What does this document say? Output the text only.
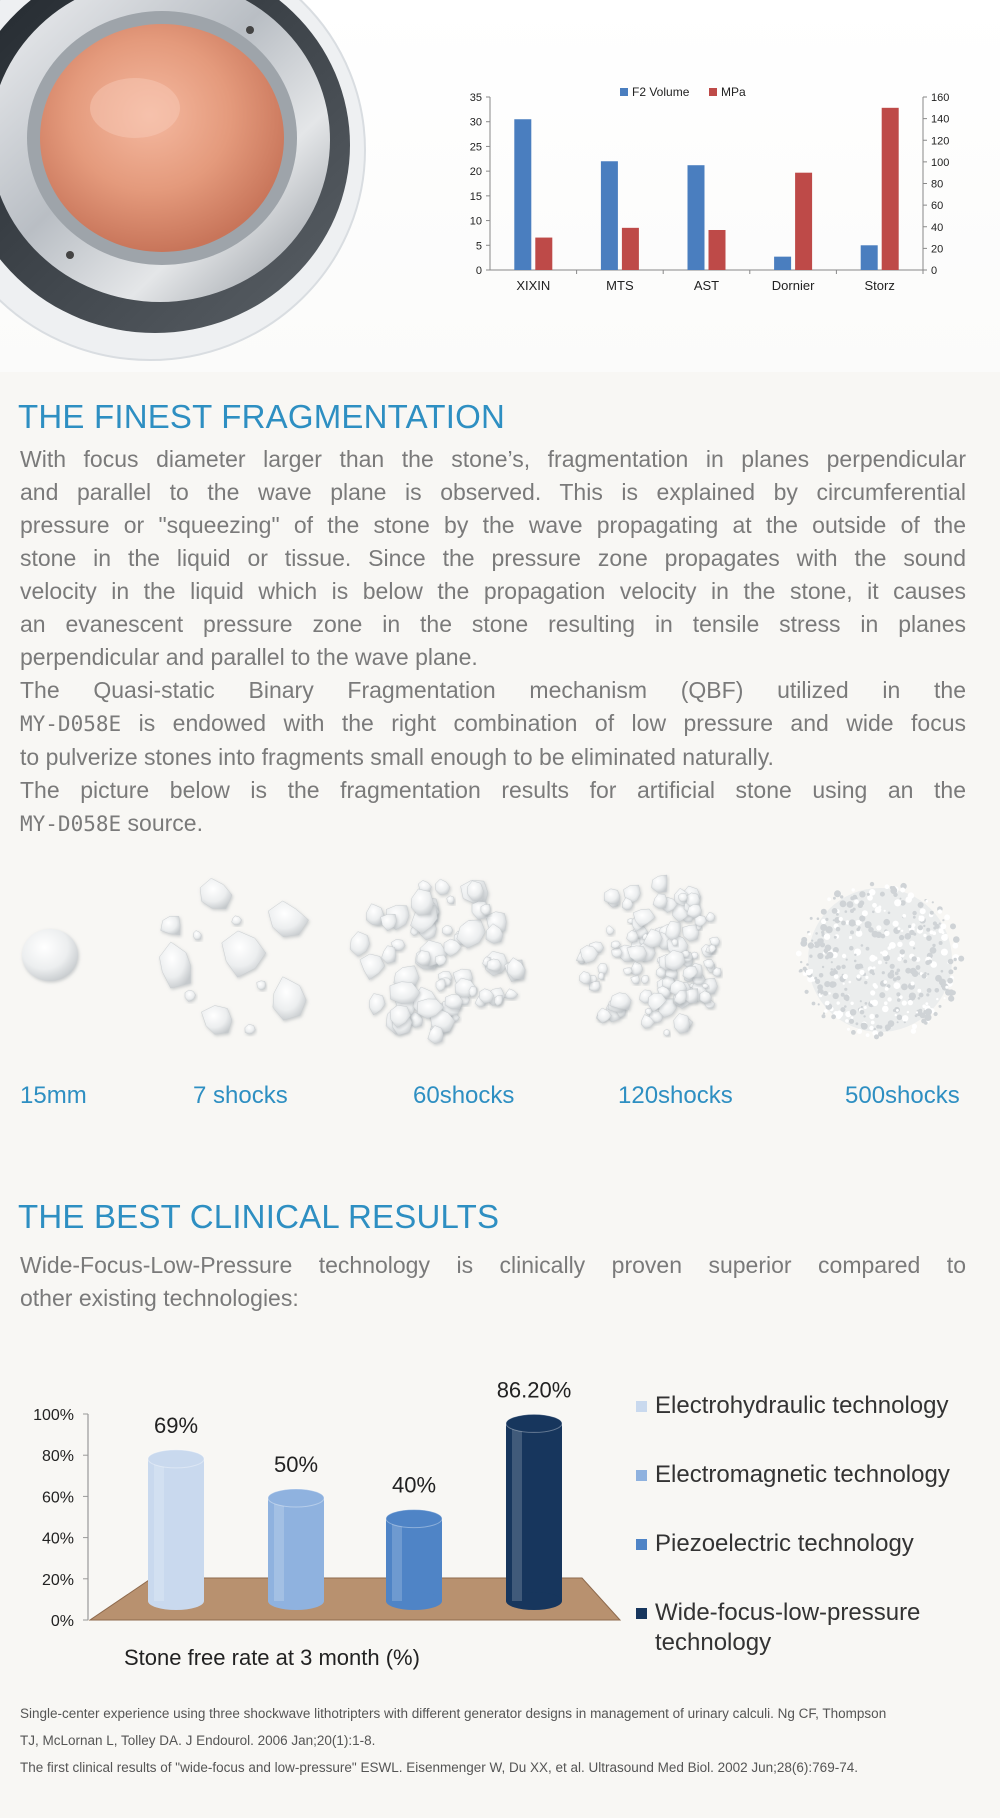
0
5
10
15
20
25
30
35
0
20
40
60
80
100
120
140
160
XIXIN	MTS	AST	Dornier	Storz
F2 Volume	MPa
THE FINEST FRAGMENTATION
With focus diameter larger than the stone’s, fragmentation in planes perpendicular
and parallel to the wave plane is observed. This is explained by circumferential
pressure or "squeezing" of the stone by the wave propagating at the outside of the
stone in the liquid or tissue. Since the pressure zone propagates with the sound
velocity in the liquid which is below the propagation velocity in the stone, it causes
an evanescent pressure zone in the stone resulting in tensile stress in planes
perpendicular and parallel to the wave plane.
The Quasi-static Binary Fragmentation mechanism (QBF) utilized in the
MY-D058E is endowed with the right combination of low pressure and wide focus
to pulverize stones into fragments small enough to be eliminated naturally.
The picture below is the fragmentation results for artificial stone using an the
MY-D058E source.
15mm	7 shocks	60shocks	120shocks	500shocks
THE BEST CLINICAL RESULTS
Wide-Focus-Low-Pressure technology is clinically proven superior compared to
other existing technologies:
0%
20%
40%
60%
80%
100%	69%
50%
40%
86.20%
Stone free rate at 3 month (%)
Electrohydraulic technology
Electromagnetic technology
Piezoelectric technology
Wide-focus-low-pressure
technology
Single-center experience using three shockwave lithotripters with different generator designs in management of urinary calculi. Ng CF, Thompson
TJ, McLornan L, Tolley DA. J Endourol. 2006 Jan;20(1):1-8.
The first clinical results of "wide-focus and low-pressure" ESWL. Eisenmenger W, Du XX, et al. Ultrasound Med Biol. 2002 Jun;28(6):769-74.
